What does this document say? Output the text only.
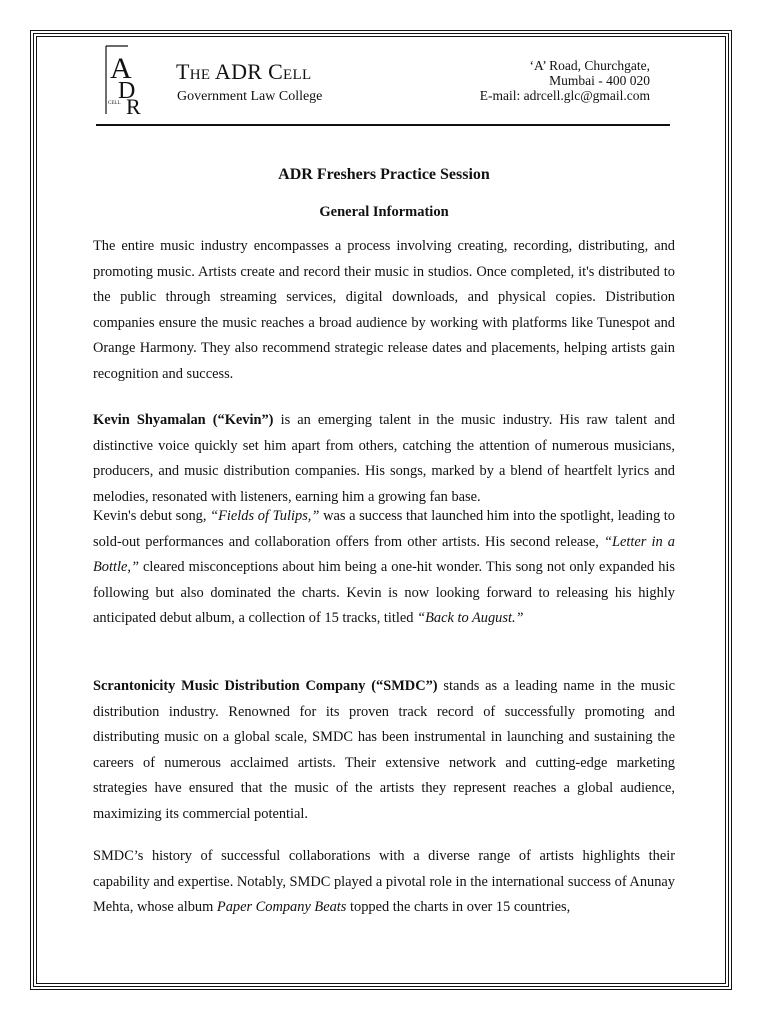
A
D
R
CELL
The ADR Cell
Government Law College
‘A’ Road, Churchgate,
Mumbai - 400 020
E-mail: adrcell.glc@gmail.com
ADR Freshers Practice Session
General Information

The entire music industry encompasses a process involving creating, recording, distributing, and promoting music. Artists create and record their music in studios. Once completed, it's distributed to the public through streaming services, digital downloads, and physical copies. Distribution companies ensure the music reaches a broad audience by working with platforms like Tunespot and Orange Harmony. They also recommend strategic release dates and placements, helping artists gain recognition and success.

Kevin Shyamalan (“Kevin”) is an emerging talent in the music industry. His raw talent and distinctive voice quickly set him apart from others, catching the attention of numerous musicians, producers, and music distribution companies. His songs, marked by a blend of heartfelt lyrics and melodies, resonated with listeners, earning him a growing fan base.

Kevin's debut song, “Fields of Tulips,” was a success that launched him into the spotlight, leading to sold-out performances and collaboration offers from other artists. His second release, “Letter in a Bottle,” cleared misconceptions about him being a one-hit wonder. This song not only expanded his following but also dominated the charts. Kevin is now looking forward to releasing his highly anticipated debut album, a collection of 15 tracks, titled “Back to August.”

Scrantonicity Music Distribution Company (“SMDC”) stands as a leading name in the music distribution industry. Renowned for its proven track record of successfully promoting and distributing music on a global scale, SMDC has been instrumental in launching and sustaining the careers of numerous acclaimed artists. Their extensive network and cutting-edge marketing strategies have ensured that the music of the artists they represent reaches a global audience, maximizing its commercial potential.

SMDC’s history of successful collaborations with a diverse range of artists highlights their capability and expertise. Notably, SMDC played a pivotal role in the international success of Anunay Mehta, whose album Paper Company Beats topped the charts in over 15 countries,
